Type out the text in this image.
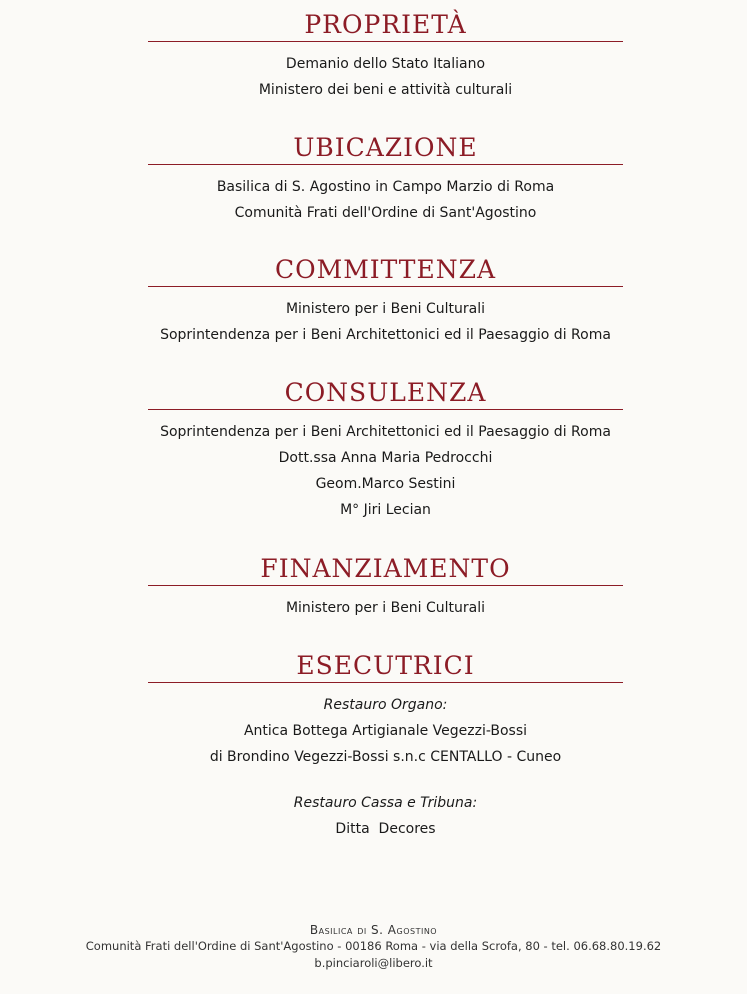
PROPRIETÀ
Demanio dello Stato Italiano
Ministero dei beni e attività culturali
UBICAZIONE
Basilica di S. Agostino in Campo Marzio di Roma
Comunità Frati dell'Ordine di Sant'Agostino
COMMITTENZA
Ministero per i Beni Culturali
Soprintendenza per i Beni Architettonici ed il Paesaggio di Roma
CONSULENZA
Soprintendenza per i Beni Architettonici ed il Paesaggio di Roma
Dott.ssa Anna Maria Pedrocchi
Geom.Marco Sestini
M° Jiri Lecian
FINANZIAMENTO
Ministero per i Beni Culturali
ESECUTRICI
Restauro Organo:
Antica Bottega Artigianale Vegezzi-Bossi
di Brondino Vegezzi-Bossi s.n.c CENTALLO - Cuneo
Restauro Cassa e Tribuna:
Ditta  Decores
Basilica di S. Agostino
Comunità Frati dell'Ordine di Sant'Agostino - 00186 Roma - via della Scrofa, 80 - tel. 06.68.80.19.62
b.pinciaroli@libero.it
